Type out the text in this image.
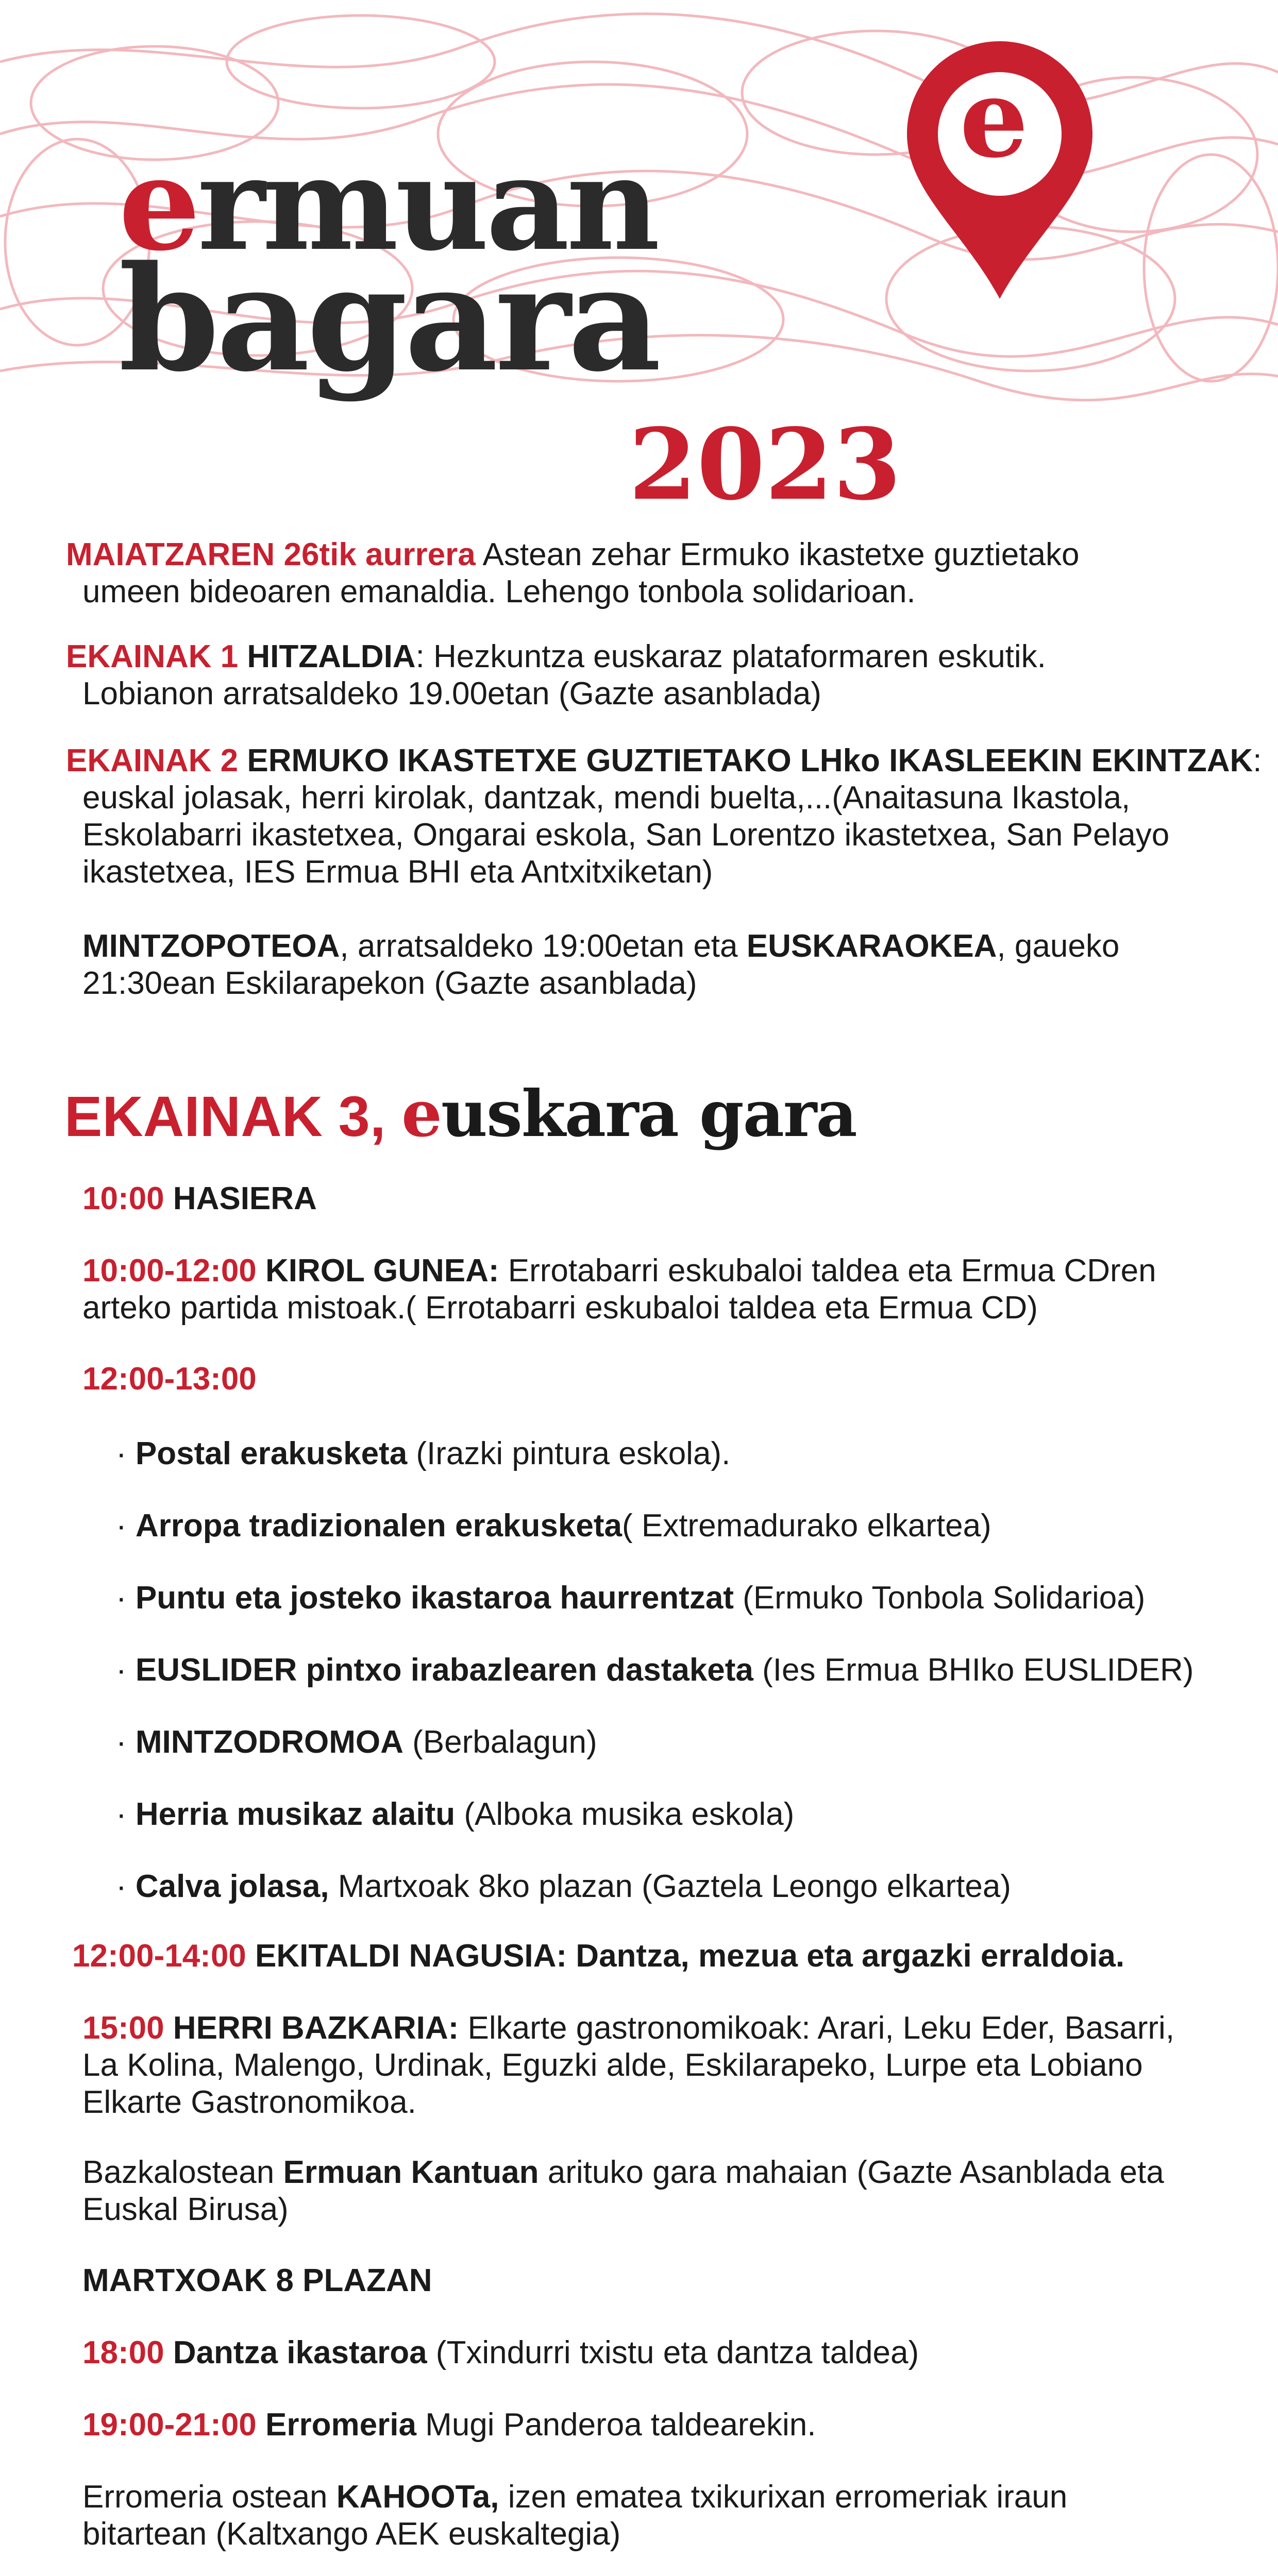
ermuan
bagara
e
2023
MAIATZAREN 26tik aurrera Astean zehar Ermuko ikastetxe guztietako
umeen bideoaren emanaldia. Lehengo tonbola solidarioan.
EKAINAK 1 HITZALDIA: Hezkuntza euskaraz plataformaren eskutik.
Lobianon arratsaldeko 19.00etan (Gazte asanblada)
EKAINAK 2 ERMUKO IKASTETXE GUZTIETAKO LHko IKASLEEKIN EKINTZAK:
euskal jolasak, herri kirolak, dantzak, mendi buelta,...(Anaitasuna Ikastola,
Eskolabarri ikastetxea, Ongarai eskola, San Lorentzo ikastetxea, San Pelayo
ikastetxea, IES Ermua BHI eta Antxitxiketan)
MINTZOPOTEOA, arratsaldeko 19:00etan eta EUSKARAOKEA, gaueko
21:30ean Eskilarapekon (Gazte asanblada)
EKAINAK 3, euskara gara
10:00 HASIERA
10:00-12:00 KIROL GUNEA: Errotabarri eskubaloi taldea eta Ermua CDren
arteko partida mistoak.( Errotabarri eskubaloi taldea eta Ermua CD)
12:00-13:00
· Postal erakusketa (Irazki pintura eskola).
· Arropa tradizionalen erakusketa( Extremadurako elkartea)
· Puntu eta josteko ikastaroa haurrentzat (Ermuko Tonbola Solidarioa)
· EUSLIDER pintxo irabazlearen dastaketa (Ies Ermua BHIko EUSLIDER)
· MINTZODROMOA (Berbalagun)
· Herria musikaz alaitu (Alboka musika eskola)
· Calva jolasa, Martxoak 8ko plazan (Gaztela Leongo elkartea)
12:00-14:00 EKITALDI NAGUSIA: Dantza, mezua eta argazki erraldoia.
15:00 HERRI BAZKARIA: Elkarte gastronomikoak: Arari, Leku Eder, Basarri,
La Kolina, Malengo, Urdinak, Eguzki alde, Eskilarapeko, Lurpe eta Lobiano
Elkarte Gastronomikoa.
Bazkalostean Ermuan Kantuan arituko gara mahaian (Gazte Asanblada eta
Euskal Birusa)
MARTXOAK 8 PLAZAN
18:00 Dantza ikastaroa (Txindurri txistu eta dantza taldea)
19:00-21:00 Erromeria Mugi Panderoa taldearekin.
Erromeria ostean KAHOOTa, izen ematea txikurixan erromeriak iraun
bitartean (Kaltxango AEK euskaltegia)
